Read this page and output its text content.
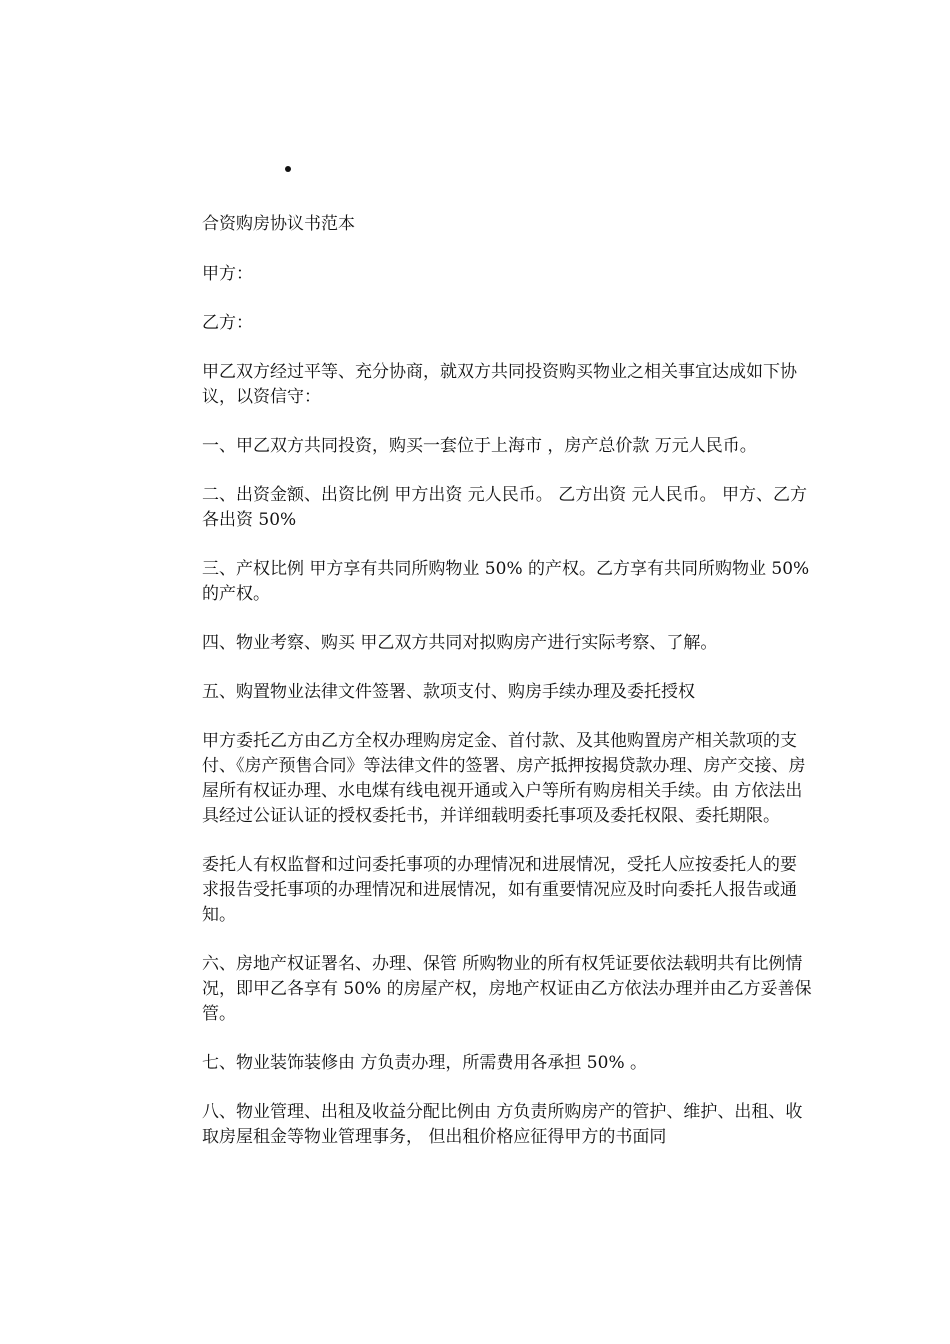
合资购房协议书范本

甲方：

乙方：

甲乙双方经过平等、充分协商，就双方共同投资购买物业之相关事宜达成如下协议，以资信守：

一、甲乙双方共同投资，购买一套位于上海市 ，房产总价款 万元人民币。

二、出资金额、出资比例 甲方出资 元人民币。 乙方出资 元人民币。 甲方、乙方各出资 50%

三、产权比例 甲方享有共同所购物业 50% 的产权。乙方享有共同所购物业 50% 的产权。

四、物业考察、购买 甲乙双方共同对拟购房产进行实际考察、了解。

五、购置物业法律文件签署、款项支付、购房手续办理及委托授权

甲方委托乙方由乙方全权办理购房定金、首付款、及其他购置房产相关款项的支付、《房产预售合同》等法律文件的签署、房产抵押按揭贷款办理、房产交接、房屋所有权证办理、水电煤有线电视开通或入户等所有购房相关手续。由 方依法出具经过公证认证的授权委托书，并详细载明委托事项及委托权限、委托期限。

委托人有权监督和过问委托事项的办理情况和进展情况，受托人应按委托人的要求报告受托事项的办理情况和进展情况，如有重要情况应及时向委托人报告或通知。

六、房地产权证署名、办理、保管 所购物业的所有权凭证要依法载明共有比例情况，即甲乙各享有 50% 的房屋产权，房地产权证由乙方依法办理并由乙方妥善保管。

七、物业装饰装修由 方负责办理，所需费用各承担 50% 。

八、物业管理、出租及收益分配比例由 方负责所购房产的管护、维护、出租、收取房屋租金等物业管理事务， 但出租价格应征得甲方的书面同
